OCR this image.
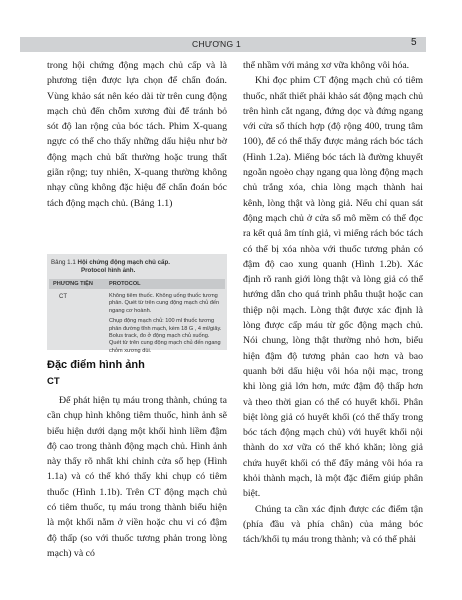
CHƯƠNG 1	5

trong hội chứng động mạch chủ cấp và là phương tiện được lựa chọn để chẩn đoán. Vùng khảo sát nên kéo dài từ trên cung động mạch chủ đến chỗm xương đùi để tránh bỏ sót độ lan rộng của bóc tách. Phim X-quang ngực có thể cho thấy những dấu hiệu như bờ động mạch chủ bất thường hoặc trung thất giãn rộng; tuy nhiên, X-quang thường không nhạy cũng không đặc hiệu để chẩn đoán bóc tách động mạch chủ. (Bảng 1.1)

Bảng 1.1 Hội chứng động mạch chủ cấp.
Protocol hình ảnh.
PHƯƠNG TIỆN	PROTOCOL
CT	Không tiêm thuốc. Không uống thuốc tương phản. Quét từ trên cung động mạch chủ đến ngang cơ hoành.
Chụp động mạch chủ: 100 ml thuốc tương phản đường tĩnh mạch, kèm 18 G , 4 ml/giây. Bolus track, đo ở động mạch chủ xuống. Quét từ trên cung động mạch chủ đến ngang chỏm xương đùi.
Đặc điểm hình ảnh
CT

Để phát hiện tụ máu trong thành, chúng ta cần chụp hình không tiêm thuốc, hình ảnh sẽ biểu hiện dưới dạng một khối hình liềm đậm độ cao trong thành động mạch chủ. Hình ảnh này thấy rõ nhất khi chỉnh cửa sổ hẹp (Hình 1.1a) và có thể khó thấy khi chụp có tiêm thuốc (Hình 1.1b). Trên CT động mạch chủ có tiêm thuốc, tụ máu trong thành biểu hiện là một khối nằm ở viền hoặc chu vi có đậm độ thấp (so với thuốc tương phản trong lòng mạch) và có

thể nhầm với mảng xơ vữa không vôi hóa.

Khi đọc phim CT động mạch chủ có tiêm thuốc, nhất thiết phải khảo sát động mạch chủ trên hình cắt ngang, đứng dọc và đứng ngang với cửa sổ thích hợp (độ rộng 400, trung tâm 100), để có thể thấy được mảng rách bóc tách (Hình 1.2a). Miếng bóc tách là đường khuyết ngoằn ngoèo chạy ngang qua lòng động mạch chủ trắng xóa, chia lòng mạch thành hai kênh, lòng thật và lòng giả. Nếu chỉ quan sát động mạch chủ ở cửa sổ mô mềm có thể đọc ra kết quả âm tính giả, vì miếng rách bóc tách có thể bị xóa nhòa với thuốc tương phản có đậm độ cao xung quanh (Hình 1.2b). Xác định rõ ranh giới lòng thật và lòng giả có thể hướng dẫn cho quá trình phẫu thuật hoặc can thiệp nội mạch. Lòng thật được xác định là lòng được cấp máu từ gốc động mạch chủ. Nói chung, lòng thật thường nhỏ hơn, biểu hiện đậm độ tương phản cao hơn và bao quanh bởi dấu hiệu vôi hóa nội mạc, trong khi lòng giả lớn hơn, mức đậm độ thấp hơn và theo thời gian có thể có huyết khối. Phân biệt lòng giả có huyết khối (có thể thấy trong bóc tách động mạch chủ) với huyết khối nội thành do xơ vữa có thể khó khăn; lòng giả chứa huyết khối có thể đẩy mảng vôi hóa ra khỏi thành mạch, là một đặc điểm giúp phân biệt.

Chúng ta cần xác định được các điểm tận (phía đầu và phía chân) của mảng bóc tách/khối tụ máu trong thành; và có thể phải
